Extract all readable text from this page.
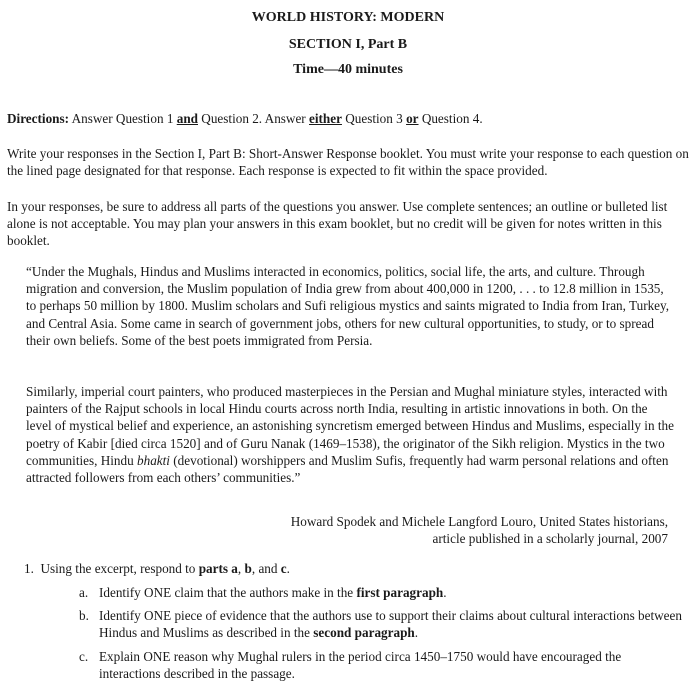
WORLD HISTORY: MODERN
SECTION I, Part B
Time—40 minutes
Directions: Answer Question 1 and Question 2. Answer either Question 3 or Question 4.
Write your responses in the Section I, Part B: Short-Answer Response booklet. You must write your response to each question on the lined page designated for that response. Each response is expected to fit within the space provided.
In your responses, be sure to address all parts of the questions you answer. Use complete sentences; an outline or bulleted list alone is not acceptable. You may plan your answers in this exam booklet, but no credit will be given for notes written in this booklet.
“Under the Mughals, Hindus and Muslims interacted in economics, politics, social life, the arts, and culture. Through migration and conversion, the Muslim population of India grew from about 400,000 in 1200, . . . to 12.8 million in 1535, to perhaps 50 million by 1800. Muslim scholars and Sufi religious mystics and saints migrated to India from Iran, Turkey, and Central Asia. Some came in search of government jobs, others for new cultural opportunities, to study, or to spread their own beliefs. Some of the best poets immigrated from Persia.
Similarly, imperial court painters, who produced masterpieces in the Persian and Mughal miniature styles, interacted with painters of the Rajput schools in local Hindu courts across north India, resulting in artistic innovations in both. On the level of mystical belief and experience, an astonishing syncretism emerged between Hindus and Muslims, especially in the poetry of Kabir [died circa 1520] and of Guru Nanak (1469–1538), the originator of the Sikh religion. Mystics in the two communities, Hindu bhakti (devotional) worshippers and Muslim Sufis, frequently had warm personal relations and often attracted followers from each others’ communities.”
Howard Spodek and Michele Langford Louro, United States historians,
article published in a scholarly journal, 2007
1.  Using the excerpt, respond to parts a, b, and c.
a. Identify ONE claim that the authors make in the first paragraph.
b. Identify ONE piece of evidence that the authors use to support their claims about cultural interactions between Hindus and Muslims as described in the second paragraph.
c. Explain ONE reason why Mughal rulers in the period circa 1450–1750 would have encouraged the interactions described in the passage.
